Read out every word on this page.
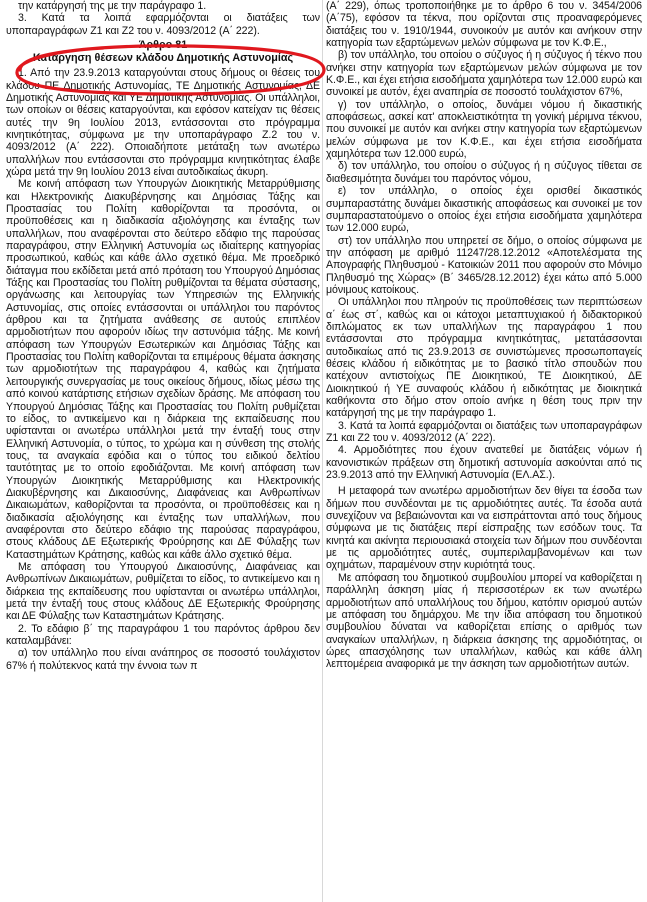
την κατάργησή της με την παράγραφο 1.

3. Κατά τα λοιπά εφαρμόζονται οι διατάξεις των υποπαραγράφων Ζ1 και Ζ2 του ν. 4093/2012 (Α΄ 222).

Άρθρο 81
Κατάργηση θέσεων κλάδου Δημοτικής Αστυνομίας

1. Από την 23.9.2013 καταργούνται στους δήμους οι θέσεις του κλάδου ΠΕ Δημοτικής Αστυνομίας, ΤΕ Δημοτικής Αστυνομίας, ΔΕ Δημοτικής Αστυνομίας και ΥΕ Δημοτικής Αστυνομίας. Οι υπάλληλοι, των οποίων οι θέσεις καταργούνται, και εφόσον κατείχαν τις θέσεις αυτές την 9η Ιουλίου 2013, εντάσσονται στο πρόγραμμα κινητικότητας, σύμφωνα με την υποπαράγραφο Ζ.2 του ν. 4093/2012 (Α΄ 222). Οποιαδήποτε μετάταξη των ανωτέρω υπαλλήλων που εντάσσονται στο πρόγραμμα κινητικότητας έλαβε χώρα μετά την 9η Ιουλίου 2013 είναι αυτοδικαίως άκυρη.

Με κοινή απόφαση των Υπουργών Διοικητικής Μεταρρύθμισης και Ηλεκτρονικής Διακυβέρνησης και Δημόσιας Τάξης και Προστασίας του Πολίτη καθορίζονται τα προσόντα, οι προϋποθέσεις και η διαδικασία αξιολόγησης και ένταξης των υπαλλήλων, που αναφέρονται στο δεύτερο εδάφιο της παρούσας παραγράφου, στην Ελληνική Αστυνομία ως ιδιαίτερης κατηγορίας προσωπικού, καθώς και κάθε άλλο σχετικό θέμα. Με προεδρικό διάταγμα που εκδίδεται μετά από πρόταση του Υπουργού Δημόσιας Τάξης και Προστασίας του Πολίτη ρυθμίζονται τα θέματα σύστασης, οργάνωσης και λειτουργίας των Υπηρεσιών της Ελληνικής Αστυνομίας, στις οποίες εντάσσονται οι υπάλληλοι του παρόντος άρθρου και τα ζητήματα ανάθεσης σε αυτούς επιπλέον αρμοδιοτήτων που αφορούν ιδίως την αστυνόμια τάξης. Με κοινή απόφαση των Υπουργών Εσωτερικών και Δημόσιας Τάξης και Προστασίας του Πολίτη καθορίζονται τα επιμέρους θέματα άσκησης των αρμοδιοτήτων της παραγράφου 4, καθώς και ζητήματα λειτουργικής συνεργασίας με τους οικείους δήμους, ιδίως μέσω της από κοινού κατάρτισης ετήσιων σχεδίων δράσης. Με απόφαση του Υπουργού Δημόσιας Τάξης και Προστασίας του Πολίτη ρυθμίζεται το είδος, το αντικείμενο και η διάρκεια της εκπαίδευσης που υφίστανται οι ανωτέρω υπάλληλοι μετά την ένταξή τους στην Ελληνική Αστυνομία, ο τύπος, το χρώμα και η σύνθεση της στολής τους, τα αναγκαία εφόδια και ο τύπος του ειδικού δελτίου ταυτότητας με το οποίο εφοδιάζονται. Με κοινή απόφαση των Υπουργών Διοικητικής Μεταρρύθμισης και Ηλεκτρονικής Διακυβέρνησης και Δικαιοσύνης, Διαφάνειας και Ανθρωπίνων Δικαιωμάτων, καθορίζονται τα προσόντα, οι προϋποθέσεις και η διαδικασία αξιολόγησης και ένταξης των υπαλλήλων, που αναφέρονται στο δεύτερο εδάφιο της παρούσας παραγράφου, στους κλάδους ΔΕ Εξωτερικής Φρούρησης και ΔΕ Φύλαξης των Καταστημάτων Κράτησης, καθώς και κάθε άλλο σχετικό θέμα.

Με απόφαση του Υπουργού Δικαιοσύνης, Διαφάνειας και Ανθρωπίνων Δικαιωμάτων, ρυθμίζεται το είδος, το αντικείμενο και η διάρκεια της εκπαίδευσης που υφίστανται οι ανωτέρω υπάλληλοι, μετά την ένταξή τους στους κλάδους ΔΕ Εξωτερικής Φρούρησης και ΔΕ Φύλαξης των Καταστημάτων Κράτησης.

2. Το εδάφιο β΄ της παραγράφου 1 του παρόντος άρθρου δεν καταλαμβάνει:

α) τον υπάλληλο που είναι ανάπηρος σε ποσοστό τουλάχιστον 67% ή πολύτεκνος κατά την έννοια των π

(Α΄ 229), όπως τροποποιήθηκε με το άρθρο 6 του ν. 3454/2006 (Α΄75), εφόσον τα τέκνα, που ορίζονται στις προαναφερόμενες διατάξεις του ν. 1910/1944, συνοικούν με αυτόν και ανήκουν στην κατηγορία των εξαρτώμενων μελών σύμφωνα με τον Κ.Φ.Ε.,

β) τον υπάλληλο, του οποίου ο σύζυγος ή η σύζυγος ή τέκνο που ανήκει στην κατηγορία των εξαρτώμενων μελών σύμφωνα με τον Κ.Φ.Ε., και έχει ετήσια εισοδήματα χαμηλότερα των 12.000 ευρώ και συνοικεί με αυτόν, έχει αναπηρία σε ποσοστό τουλάχιστον 67%,

γ) τον υπάλληλο, ο οποίος, δυνάμει νόμου ή δικαστικής αποφάσεως, ασκεί κατ' αποκλειστικότητα τη γονική μέριμνα τέκνου, που συνοικεί με αυτόν και ανήκει στην κατηγορία των εξαρτώμενων μελών σύμφωνα με τον Κ.Φ.Ε., και έχει ετήσια εισοδήματα χαμηλότερα των 12.000 ευρώ,

δ) τον υπάλληλο, του οποίου ο σύζυγος ή η σύζυγος τίθεται σε διαθεσιμότητα δυνάμει του παρόντος νόμου,

ε) τον υπάλληλο, ο οποίος έχει ορισθεί δικαστικός συμπαραστάτης δυνάμει δικαστικής αποφάσεως και συνοικεί με τον συμπαραστατούμενο ο οποίος έχει ετήσια εισοδήματα χαμηλότερα των 12.000 ευρώ,

στ) τον υπάλληλο που υπηρετεί σε δήμο, ο οποίος σύμφωνα με την απόφαση με αριθμό 11247/28.12.2012 «Αποτελέσματα της Απογραφής Πληθυσμού - Κατοικιών 2011 που αφορούν στο Μόνιμο Πληθυσμό της Χώρας» (Β΄ 3465/28.12.2012) έχει κάτω από 5.000 μόνιμους κατοίκους.

Οι υπάλληλοι που πληρούν τις προϋποθέσεις των περιπτώσεων α΄ έως στ΄, καθώς και οι κάτοχοι μεταπτυχιακού ή διδακτορικού διπλώματος εκ των υπαλλήλων της παραγράφου 1 που εντάσσονται στο πρόγραμμα κινητικότητας, μετατάσσονται αυτοδικαίως από τις 23.9.2013 σε συνιστώμενες προσωποπαγείς θέσεις κλάδου ή ειδικότητας με το βασικό τίτλο σπουδών που κατέχουν αντιστοίχως ΠΕ Διοικητικού, ΤΕ Διοικητικού, ΔΕ Διοικητικού ή ΥΕ συναφούς κλάδου ή ειδικότητας με διοικητικά καθήκοντα στο δήμο στον οποίο ανήκε η θέση τους πριν την κατάργησή της με την παράγραφο 1.

3. Κατά τα λοιπά εφαρμόζονται οι διατάξεις των υποπαραγράφων Ζ1 και Ζ2 του ν. 4093/2012 (Α΄ 222).

4. Αρμοδιότητες που έχουν ανατεθεί με διατάξεις νόμων ή κανονιστικών πράξεων στη δημοτική αστυνομία ασκούνται από τις 23.9.2013 από την Ελληνική Αστυνομία (ΕΛ.ΑΣ.).

Η μεταφορά των ανωτέρω αρμοδιοτήτων δεν θίγει τα έσοδα των δήμων που συνδέονται με τις αρμοδιότητες αυτές. Τα έσοδα αυτά συνεχίζουν να βεβαιώνονται και να εισπράττονται από τους δήμους σύμφωνα με τις διατάξεις περί είσπραξης των εσόδων τους. Τα κινητά και ακίνητα περιουσιακά στοιχεία των δήμων που συνδέονται με τις αρμοδιότητες αυτές, συμπεριλαμβανομένων και των οχημάτων, παραμένουν στην κυριότητά τους.

Με απόφαση του δημοτικού συμβουλίου μπορεί να καθορίζεται η παράλληλη άσκηση μίας ή περισσοτέρων εκ των ανωτέρω αρμοδιοτήτων από υπαλλήλους του δήμου, κατόπιν ορισμού αυτών με απόφαση του δημάρχου. Με την ίδια απόφαση του δημοτικού συμβουλίου δύναται να καθορίζεται επίσης ο αριθμός των αναγκαίων υπαλλήλων, η διάρκεια άσκησης της αρμοδιότητας, οι ώρες απασχόλησης των υπαλλήλων, καθώς και κάθε άλλη λεπτομέρεια αναφορικά με την άσκηση των αρμοδιοτήτων αυτών.
